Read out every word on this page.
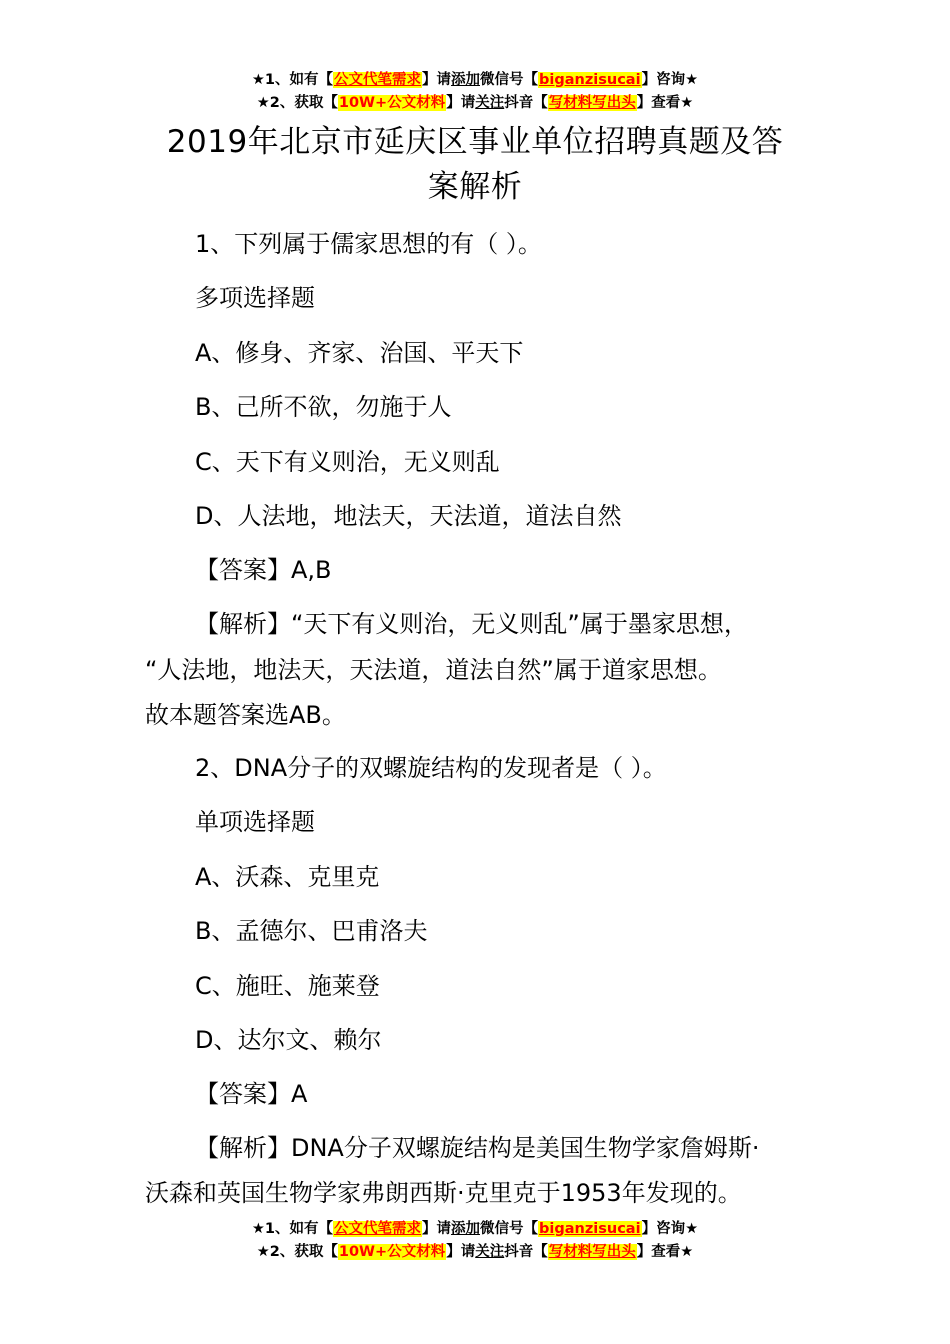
★1、如有【公文代笔需求】请添加微信号【biganzisucai】咨询★
★2、获取【10W+公文材料】请关注抖音【写材料写出头】查看★
2019年北京市延庆区事业单位招聘真题及答
案解析
1、下列属于儒家思想的有（ ）。
多项选择题
A、修身、齐家、治国、平天下
B、己所不欲，勿施于人
C、天下有义则治，无义则乱
D、人法地，地法天，天法道，道法自然
【答案】A,B
【解析】“天下有义则治，无义则乱”属于墨家思想，
“人法地，地法天，天法道，道法自然”属于道家思想。
故本题答案选AB。
2、DNA分子的双螺旋结构的发现者是（ ）。
单项选择题
A、沃森、克里克
B、孟德尔、巴甫洛夫
C、施旺、施莱登
D、达尔文、赖尔
【答案】A
【解析】DNA分子双螺旋结构是美国生物学家詹姆斯·
沃森和英国生物学家弗朗西斯·克里克于1953年发现的。
★1、如有【公文代笔需求】请添加微信号【biganzisucai】咨询★
★2、获取【10W+公文材料】请关注抖音【写材料写出头】查看★
